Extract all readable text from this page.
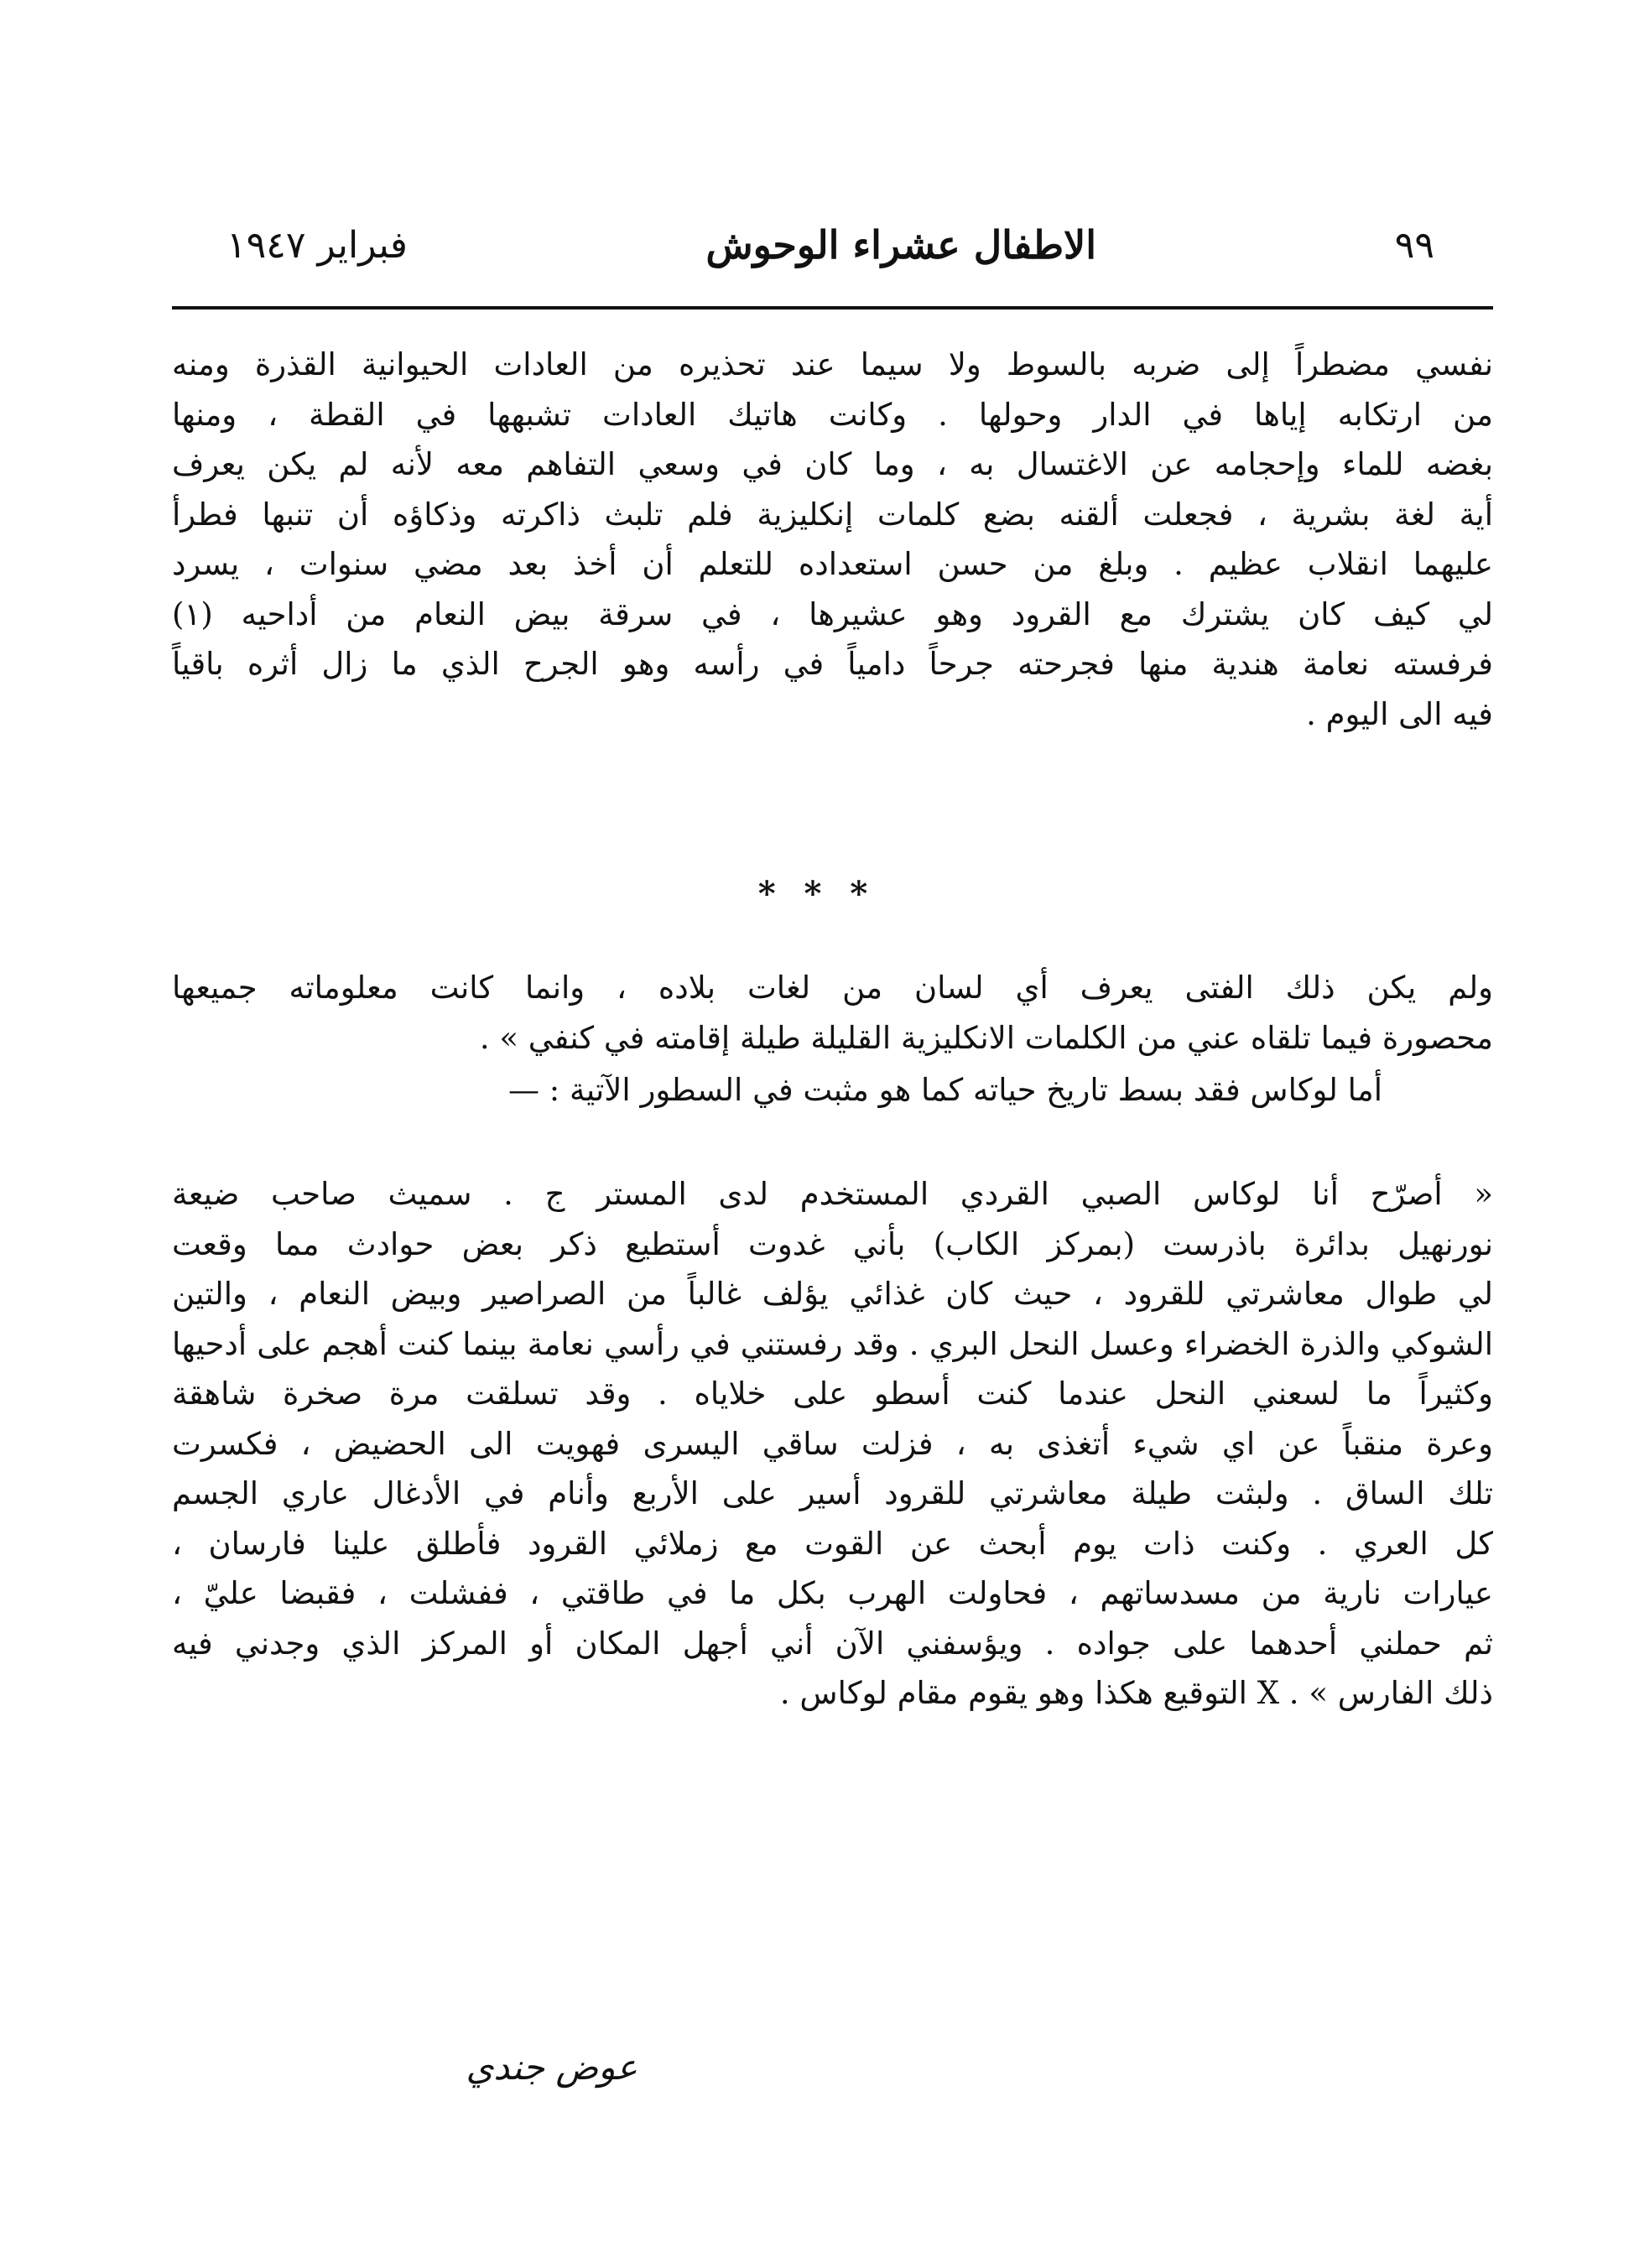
٩٩
الاطفال عشراء الوحوش
فبراير ١٩٤٧

نفسي مضطراً إلى ضربه بالسوط ولا سيما عند تحذيره من العادات الحيوانية القذرة ومنه
من ارتكابه إياها في الدار وحولها . وكانت هاتيك العادات تشبهها في القطة ، ومنها
بغضه للماء وإحجامه عن الاغتسال به ، وما كان في وسعي التفاهم معه لأنه لم يكن يعرف
أية لغة بشرية ، فجعلت ألقنه بضع كلمات إنكليزية فلم تلبث ذاكرته وذكاؤه أن تنبها فطرأ
عليهما انقلاب عظيم . وبلغ من حسن استعداده للتعلم أن أخذ بعد مضي سنوات ، يسرد
لي كيف كان يشترك مع القرود وهو عشيرها ، في سرقة بيض النعام من أداحيه (١)
فرفسته نعامة هندية منها فجرحته جرحاً دامياً في رأسه وهو الجرح الذي ما زال أثره باقياً
فيه الى اليوم .

* * *
ولم يكن ذلك الفتى يعرف أي لسان من لغات بلاده ، وانما كانت معلوماته جميعها
محصورة فيما تلقاه عني من الكلمات الانكليزية القليلة طيلة إقامته في كنفي » .
أما لوكاس فقد بسط تاريخ حياته كما هو مثبت في السطور الآتية : —
« أصرّح أنا لوكاس الصبي القردي المستخدم لدى المستر ج . سميث صاحب ضيعة
نورنهيل بدائرة باذرست (بمركز الكاب) بأني غدوت أستطيع ذكر بعض حوادث مما وقعت
لي طوال معاشرتي للقرود ، حيث كان غذائي يؤلف غالباً من الصراصير وبيض النعام ، والتين
الشوكي والذرة الخضراء وعسل النحل البري . وقد رفستني في رأسي نعامة بينما كنت أهجم على أدحيها
وكثيراً ما لسعني النحل عندما كنت أسطو على خلاياه . وقد تسلقت مرة صخرة شاهقة
وعرة منقباً عن اي شيء أتغذى به ، فزلت ساقي اليسرى فهويت الى الحضيض ، فكسرت
تلك الساق . ولبثت طيلة معاشرتي للقرود أسير على الأربع وأنام في الأدغال عاري الجسم
كل العري . وكنت ذات يوم أبحث عن القوت مع زملائي القرود فأطلق علينا فارسان ،
عيارات نارية من مسدساتهم ، فحاولت الهرب بكل ما في طاقتي ، ففشلت ، فقبضا عليّ ،
ثم حملني أحدهما على جواده . ويؤسفني الآن أني أجهل المكان أو المركز الذي وجدني فيه
ذلك الفارس » . X التوقيع هكذا وهو يقوم مقام لوكاس .
عوض جندي
